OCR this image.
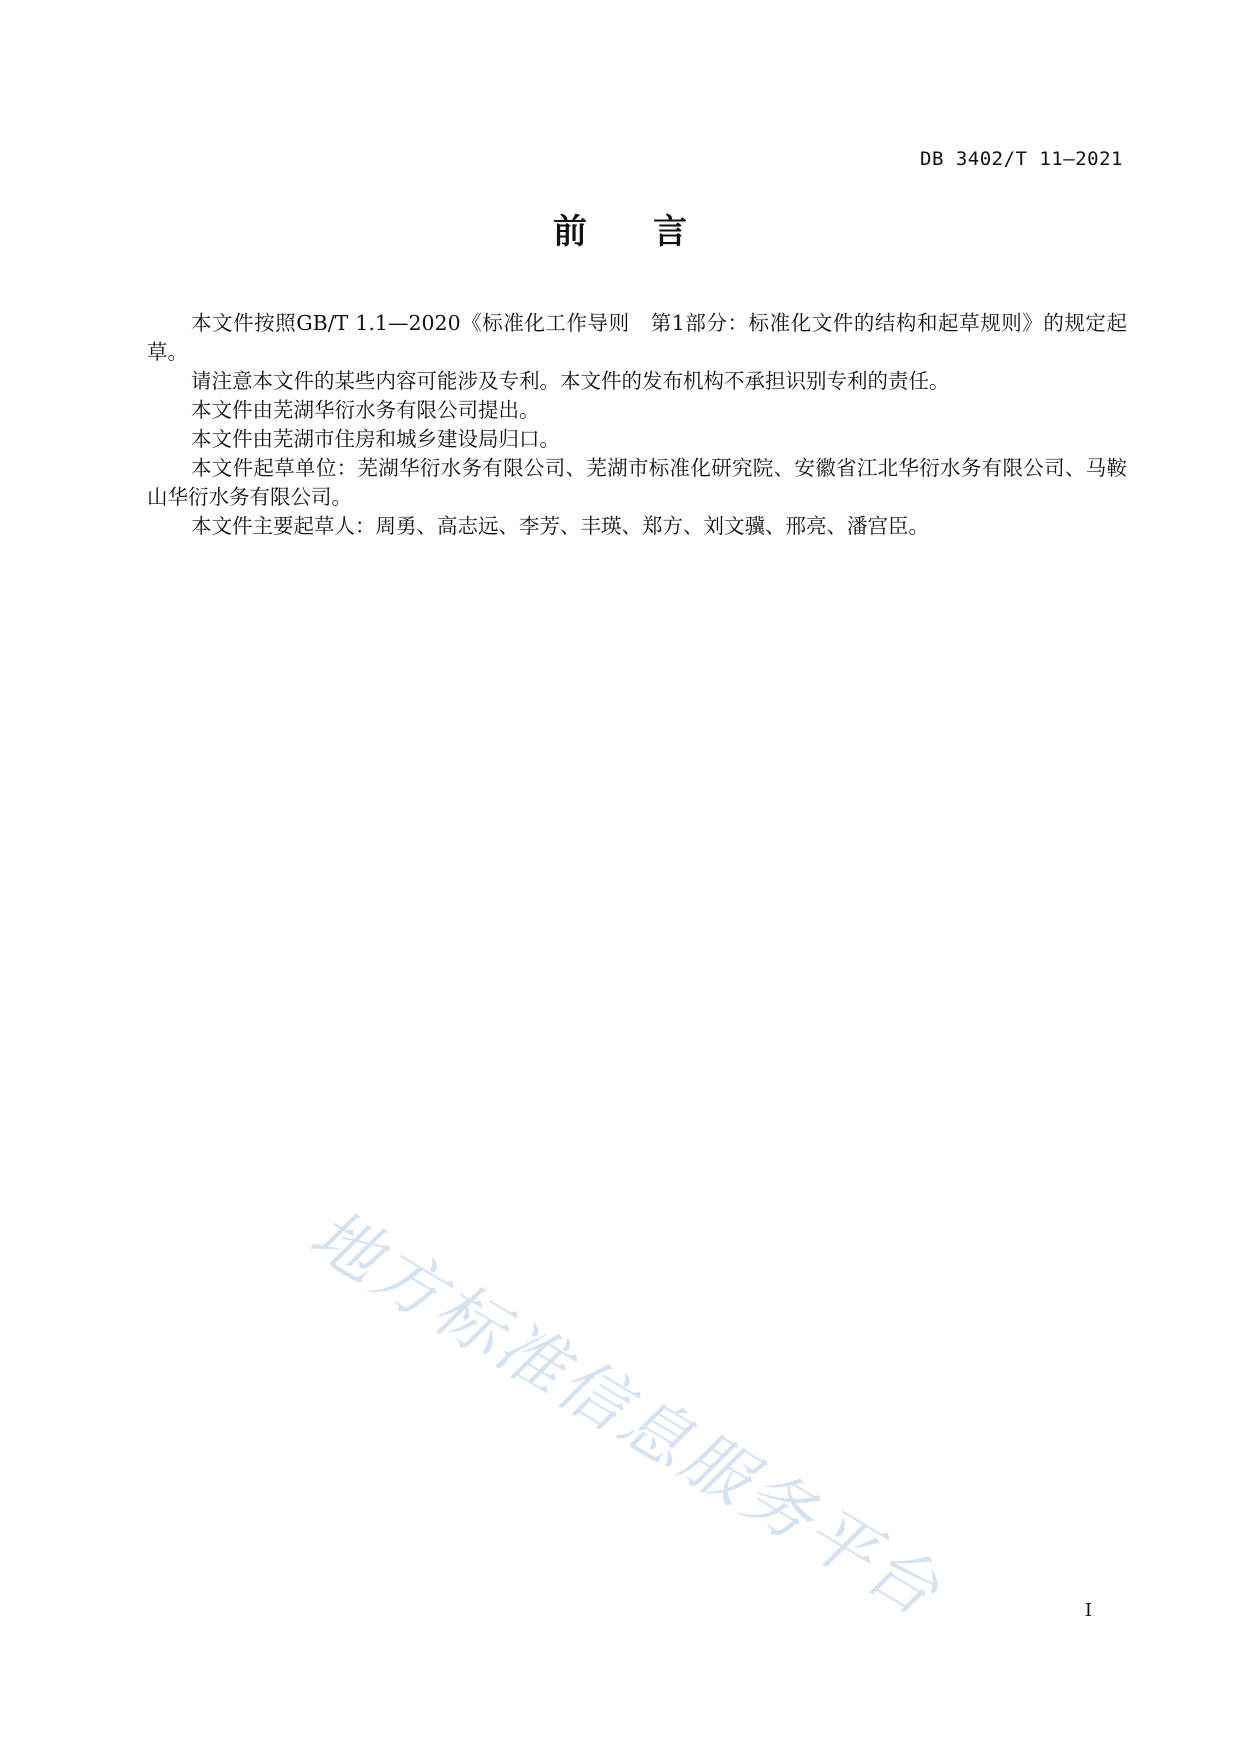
DB 3402/T 11—2021
前 言

本文件按照GB/T 1.1—2020《标准化工作导则　第1部分：标准化文件的结构和起草规则》的规定起草。

请注意本文件的某些内容可能涉及专利。本文件的发布机构不承担识别专利的责任。

本文件由芜湖华衍水务有限公司提出。

本文件由芜湖市住房和城乡建设局归口。

本文件起草单位：芜湖华衍水务有限公司、芜湖市标准化研究院、安徽省江北华衍水务有限公司、马鞍山华衍水务有限公司。

本文件主要起草人：周勇、高志远、李芳、丰瑛、郑方、刘文骥、邢亮、潘宫臣。

地方标准信息服务平台	I
